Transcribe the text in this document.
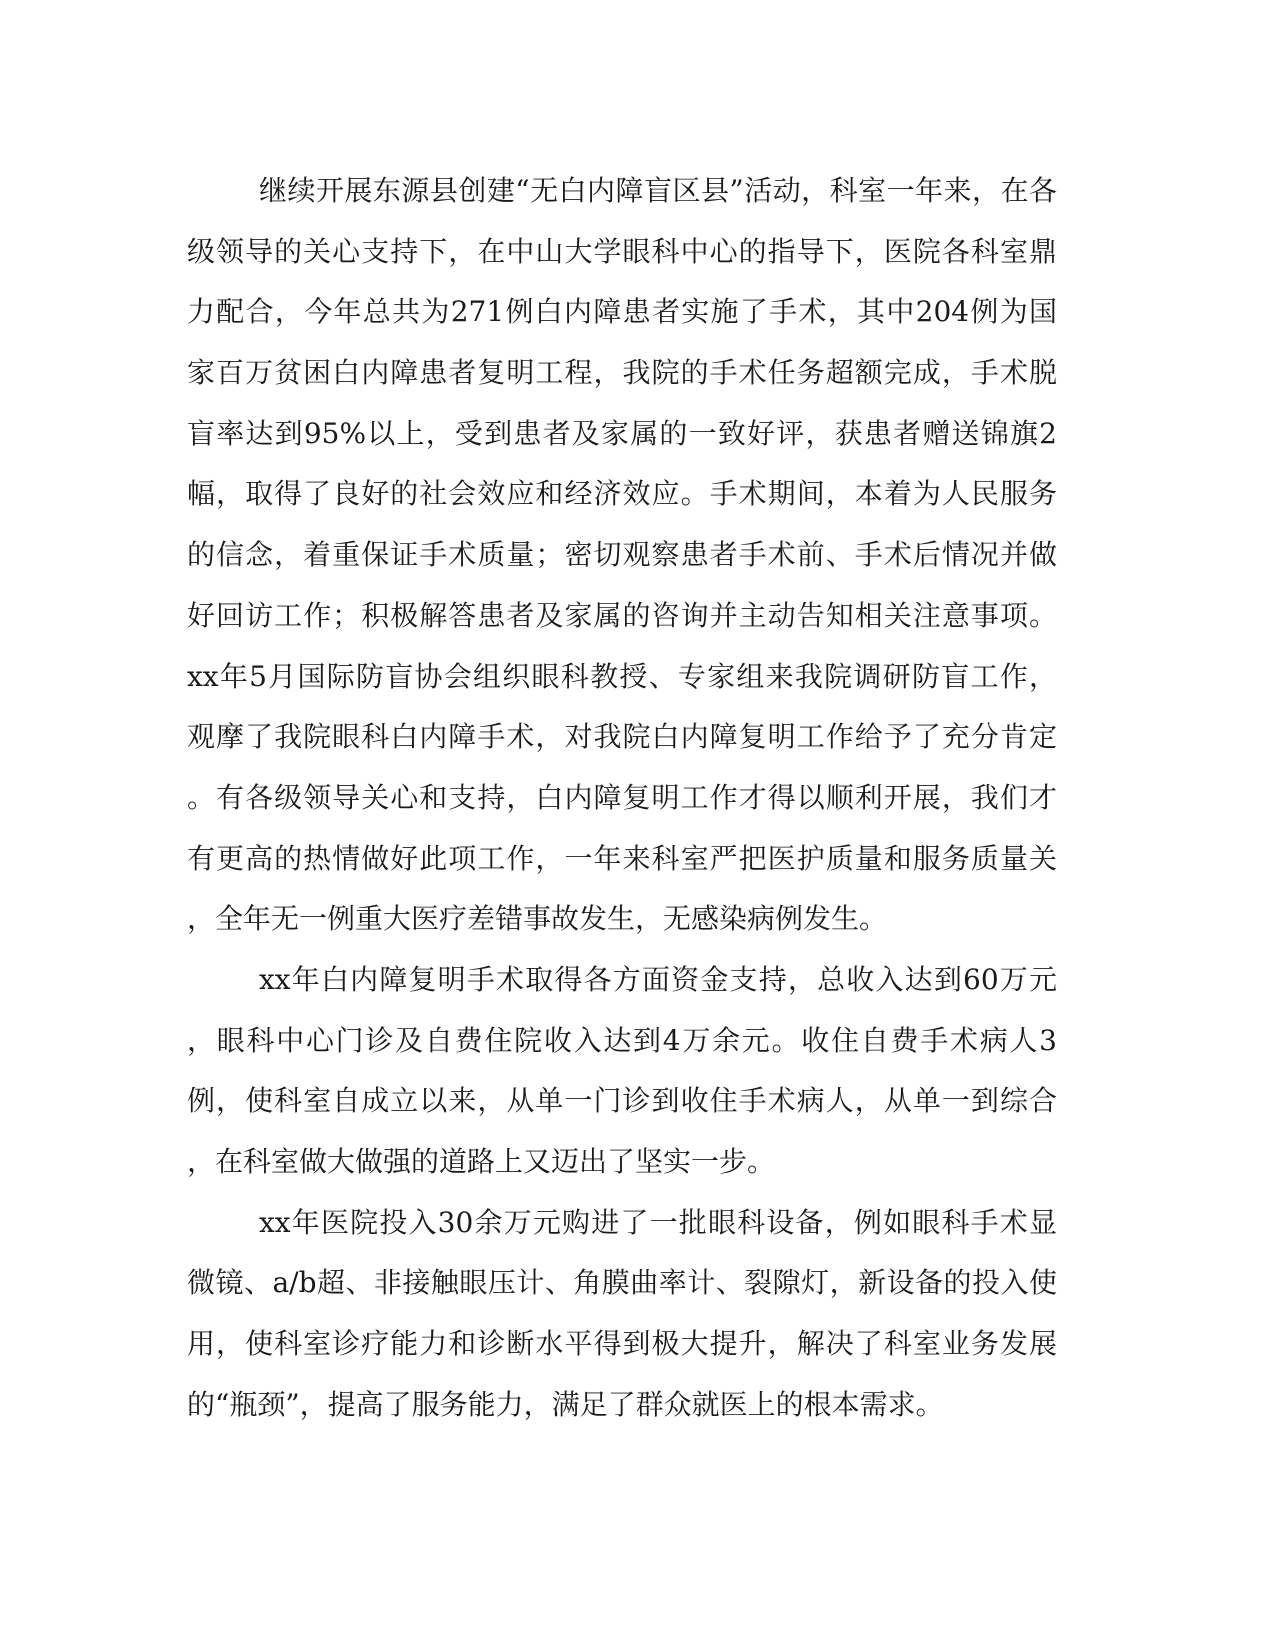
继续开展东源县创建“无白内障盲区县”活动，科室一年来，在各
级领导的关心支持下，在中山大学眼科中心的指导下，医院各科室鼎
力配合，今年总共为271例白内障患者实施了手术，其中204例为国
家百万贫困白内障患者复明工程，我院的手术任务超额完成，手术脱
盲率达到95%以上，受到患者及家属的一致好评，获患者赠送锦旗2
幅，取得了良好的社会效应和经济效应。手术期间，本着为人民服务
的信念，着重保证手术质量；密切观察患者手术前、手术后情况并做
好回访工作；积极解答患者及家属的咨询并主动告知相关注意事项。
xx年5月国际防盲协会组织眼科教授、专家组来我院调研防盲工作，
观摩了我院眼科白内障手术，对我院白内障复明工作给予了充分肯定
。有各级领导关心和支持，白内障复明工作才得以顺利开展，我们才
有更高的热情做好此项工作，一年来科室严把医护质量和服务质量关
，全年无一例重大医疗差错事故发生，无感染病例发生。
xx年白内障复明手术取得各方面资金支持，总收入达到60万元
，眼科中心门诊及自费住院收入达到4万余元。收住自费手术病人3
例，使科室自成立以来，从单一门诊到收住手术病人，从单一到综合
，在科室做大做强的道路上又迈出了坚实一步。
xx年医院投入30余万元购进了一批眼科设备，例如眼科手术显
微镜、a/b超、非接触眼压计、角膜曲率计、裂隙灯，新设备的投入使
用，使科室诊疗能力和诊断水平得到极大提升，解决了科室业务发展
的“瓶颈”，提高了服务能力，满足了群众就医上的根本需求。
